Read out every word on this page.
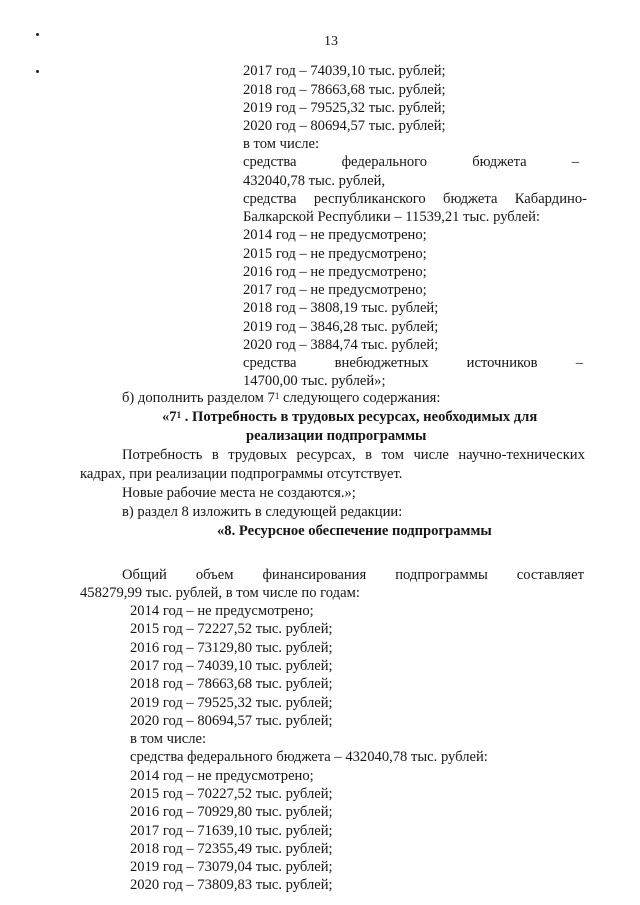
13
2017 год – 74039,10 тыс. рублей;
2018 год – 78663,68 тыс. рублей;
2019 год – 79525,32 тыс. рублей;
2020 год – 80694,57 тыс. рублей;
в том числе:
средства	федерального	бюджета	–
432040,78 тыс. рублей,
средства республиканского бюджета Кабардино-
Балкарской Республики – 11539,21 тыс. рублей:
2014 год – не предусмотрено;
2015 год – не предусмотрено;
2016 год – не предусмотрено;
2017 год – не предусмотрено;
2018 год – 3808,19 тыс. рублей;
2019 год – 3846,28 тыс. рублей;
2020 год – 3884,74 тыс. рублей;
средства	внебюджетных	источников	–
14700,00 тыс. рублей»;
б) дополнить разделом $7^1$ следующего содержания:
«$7^1$ . Потребность в трудовых ресурсах, необходимых для
реализации подпрограммы
Потребность в трудовых ресурсах, в том числе научно-технических
кадрах, при реализации подпрограммы отсутствует.
Новые рабочие места не создаются.»;
в) раздел 8 изложить в следующей редакции:
«8. Ресурсное обеспечение подпрограммы
Общий объем финансирования подпрограммы составляет
458279,99 тыс. рублей, в том числе по годам:
2014 год – не предусмотрено;
2015 год – 72227,52 тыс. рублей;
2016 год – 73129,80 тыс. рублей;
2017 год – 74039,10 тыс. рублей;
2018 год – 78663,68 тыс. рублей;
2019 год – 79525,32 тыс. рублей;
2020 год – 80694,57 тыс. рублей;
в том числе:
средства федерального бюджета – 432040,78 тыс. рублей:
2014 год – не предусмотрено;
2015 год – 70227,52 тыс. рублей;
2016 год – 70929,80 тыс. рублей;
2017 год – 71639,10 тыс. рублей;
2018 год – 72355,49 тыс. рублей;
2019 год – 73079,04 тыс. рублей;
2020 год – 73809,83 тыс. рублей;
